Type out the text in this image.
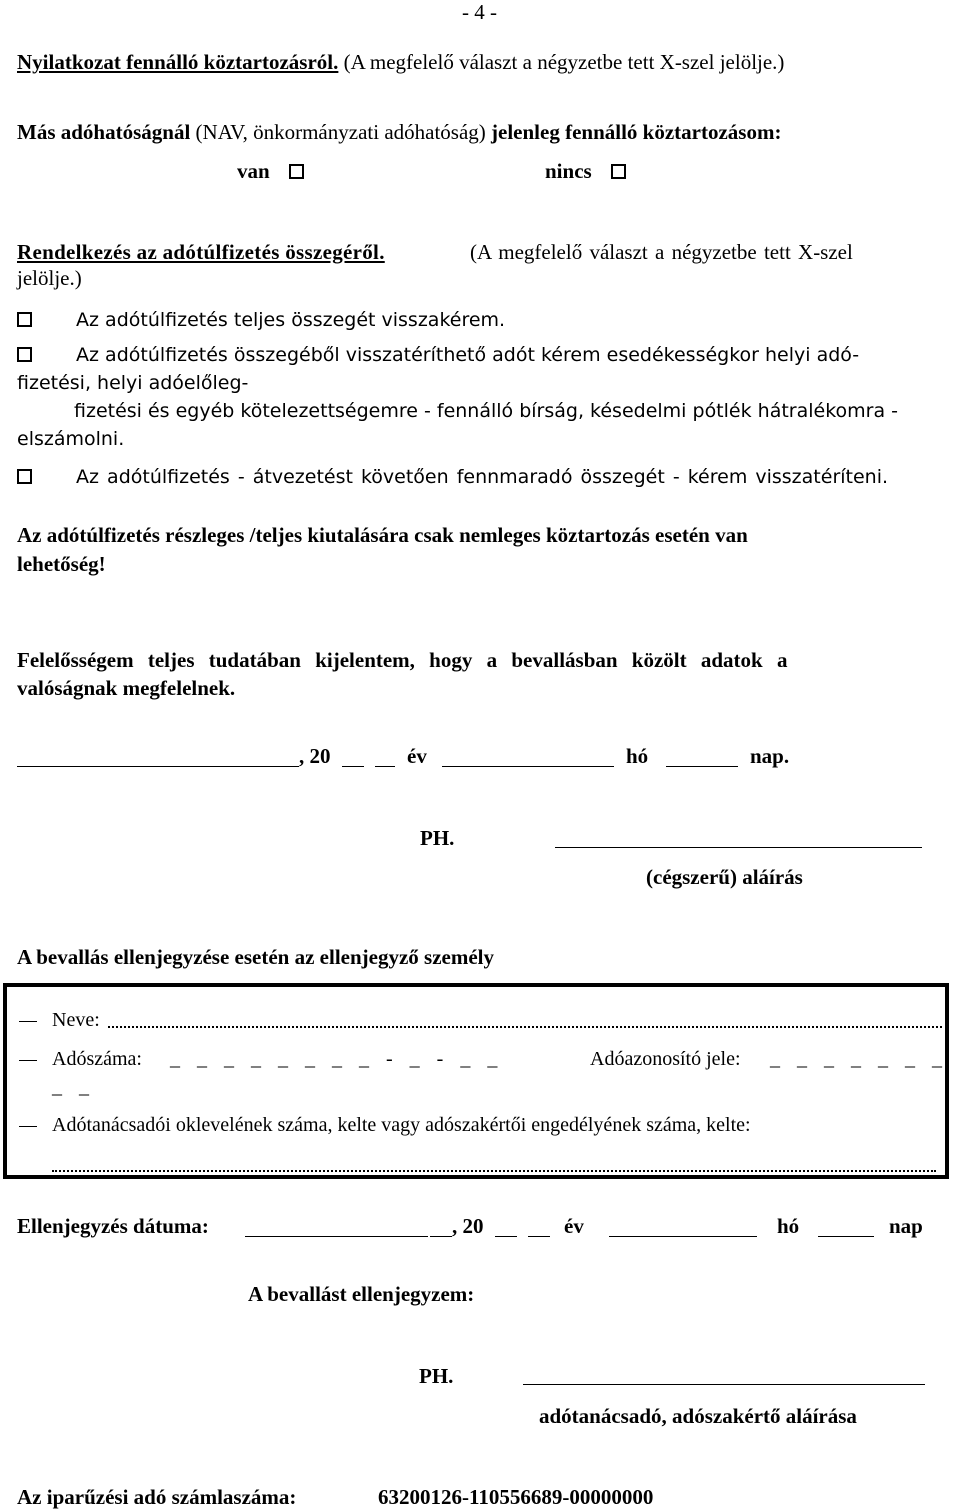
- 4 -
Nyilatkozat fennálló köztartozásról. (A megfelelő választ a négyzetbe tett X-szel jelölje.)
Más adóhatóságnál (NAV, önkormányzati adóhatóság) jelenleg fennálló köztartozásom:
van	nincs
Rendelkezés az adótúlfizetés összegéről.	(A megfelelő választ a négyzetbe tett X-szel
jelölje.)
Az adótúlfizetés teljes összegét visszakérem.
Az adótúlfizetés összegéből visszatéríthető adót kérem esedékességkor helyi adó-
fizetési, helyi adóelőleg-
fizetési és egyéb kötelezettségemre - fennálló bírság, késedelmi pótlék hátralékomra -
elszámolni.
Az adótúlfizetés - átvezetést követően fennmaradó összegét - kérem visszatéríteni.
Az adótúlfizetés részleges /teljes kiutalására csak nemleges köztartozás esetén van
lehetőség!
Felelősségem teljes tudatában kijelentem, hogy a bevallásban közölt adatok a
valóságnak megfelelnek.
, 20	év	hó	nap.
PH.
(cégszerű) aláírás
A bevallás ellenjegyzése esetén az ellenjegyző személy
Neve:
Adószáma: _ _ _ _ _ _ _ _ - _ - _ _	Adóazonosító jele: _ _ _ _ _ _ _
_ _
Adótanácsadói oklevelének száma, kelte vagy adószakértői engedélyének száma, kelte:
Ellenjegyzés dátuma:	, 20	év	hó	nap
A bevallást ellenjegyzem:
PH.
adótanácsadó, adószakértő aláírása
Az iparűzési adó számlaszáma:	63200126-110556689-00000000
